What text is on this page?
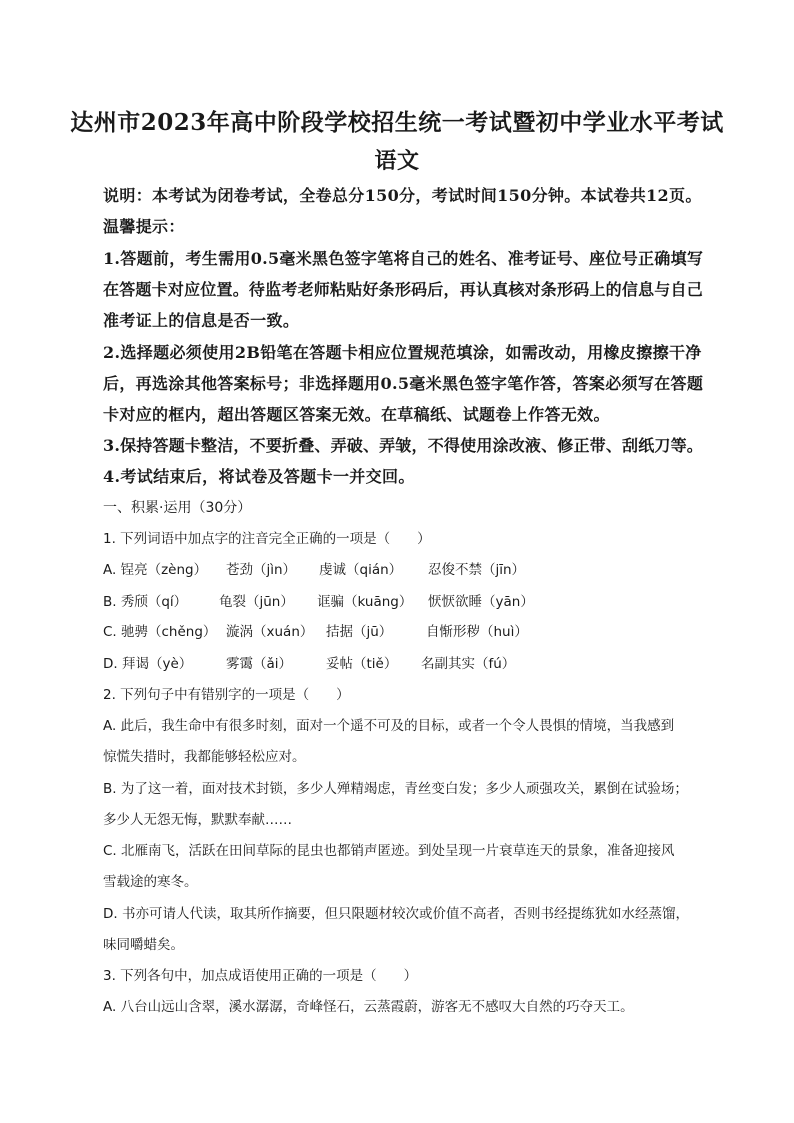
达州市2023年高中阶段学校招生统一考试暨初中学业水平考试
语文
说明：本考试为闭卷考试，全卷总分150分，考试时间150分钟。本试卷共12页。
温馨提示：
1.答题前，考生需用0.5毫米黑色签字笔将自己的姓名、准考证号、座位号正确填写
在答题卡对应位置。待监考老师粘贴好条形码后，再认真核对条形码上的信息与自己
准考证上的信息是否一致。
2.选择题必须使用2B铅笔在答题卡相应位置规范填涂，如需改动，用橡皮擦擦干净
后，再选涂其他答案标号；非选择题用0.5毫米黑色签字笔作答，答案必须写在答题
卡对应的框内，超出答题区答案无效。在草稿纸、试题卷上作答无效。
3.保持答题卡整洁，不要折叠、弄破、弄皱，不得使用涂改液、修正带、刮纸刀等。
4.考试结束后，将试卷及答题卡一并交回。
一、积累·运用（30分）
1. 下列词语中加点字的注音完全正确的一项是（　　）
A. 锃亮（zèng） 苍劲（jìn） 虔诚（qián） 忍俊不禁（jīn）
B. 秀颀（qí） 龟裂（jūn） 诓骗（kuāng） 恹恹欲睡（yān）
C. 驰骋（chěng） 漩涡（xuán） 拮据（jū） 自惭形秽（huì）
D. 拜谒（yè） 雾霭（ǎi）	妥帖（tiě） 名副其实（fú）
2. 下列句子中有错别字的一项是（　　）
A. 此后，我生命中有很多时刻，面对一个遥不可及的目标，或者一个令人畏惧的情境，当我感到
惊慌失措时，我都能够轻松应对。
B. 为了这一着，面对技术封锁，多少人殚精竭虑，青丝变白发；多少人顽强攻关，累倒在试验场；
多少人无怨无悔，默默奉献……
C. 北雁南飞，活跃在田间草际的昆虫也都销声匿迹。到处呈现一片衰草连天的景象，准备迎接风
雪载途的寒冬。
D. 书亦可请人代读，取其所作摘要，但只限题材较次或价值不高者，否则书经提练犹如水经蒸馏，
味同嚼蜡矣。
3. 下列各句中，加点成语使用正确的一项是（　　）
A. 八台山远山含翠，溪水潺潺，奇峰怪石，云蒸霞蔚，游客无不感叹大自然的巧夺天工。
